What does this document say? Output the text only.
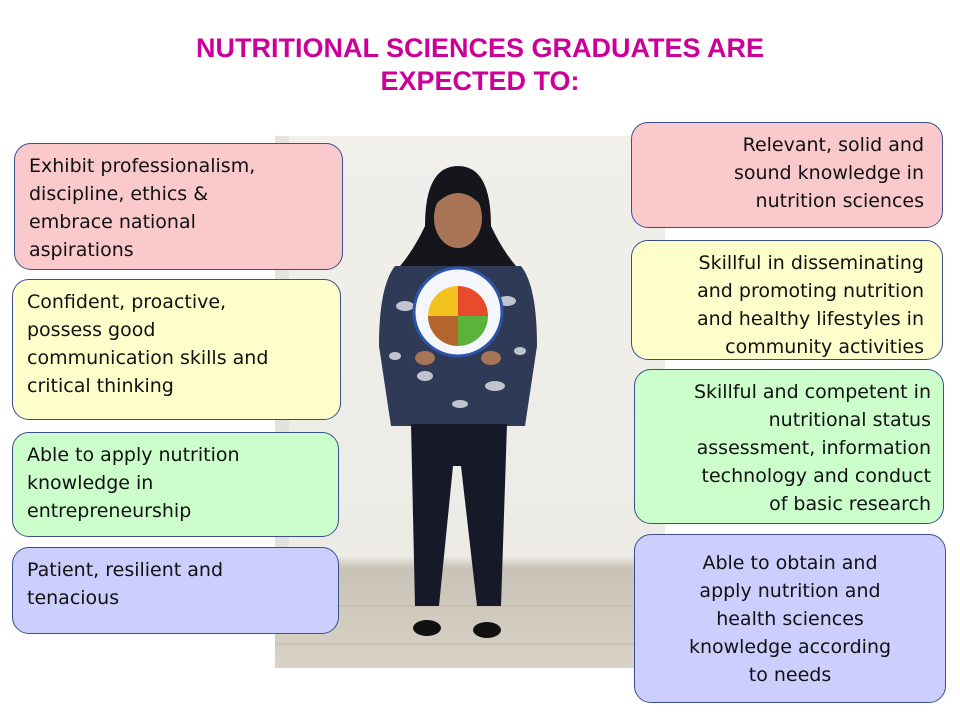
NUTRITIONAL SCIENCES GRADUATES ARE
EXPECTED TO:
Exhibit professionalism,
discipline, ethics &
embrace national
aspirations
Confident, proactive,
possess good
communication skills and
critical thinking
Able to apply nutrition
knowledge in
entrepreneurship
Patient, resilient and
tenacious
Relevant, solid and
sound knowledge in
nutrition sciences
Skillful in disseminating
and promoting nutrition
and healthy lifestyles in
community activities
Skillful and competent in
nutritional status
assessment, information
technology and conduct
of basic research
Able to obtain and
apply nutrition and
health sciences
knowledge according
to needs
